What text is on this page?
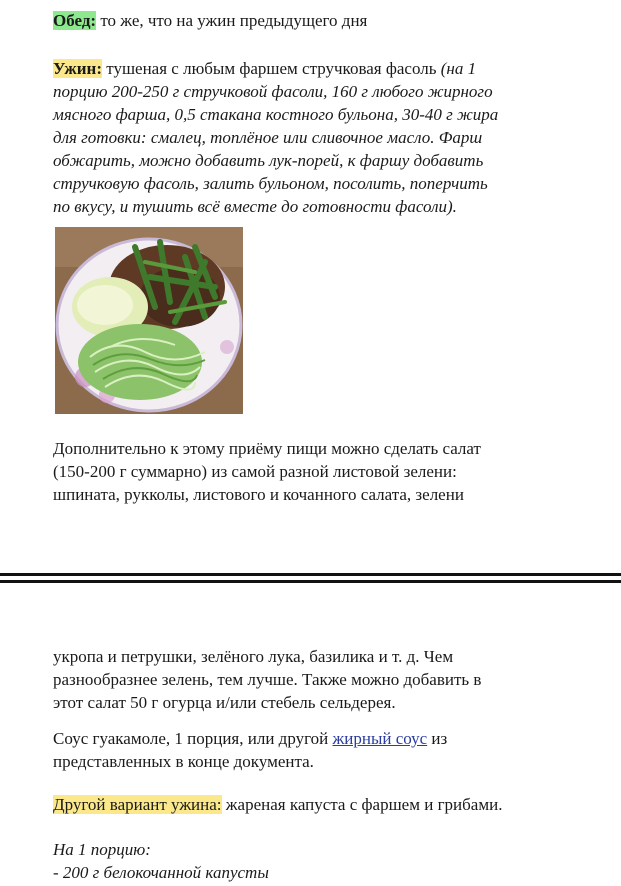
Обед: то же, что на ужин предыдущего дня

Ужин: тушеная с любым фаршем стручковая фасоль (на 1
порцию 200-250 г стручковой фасоли, 160 г любого жирного
мясного фарша, 0,5 стакана костного бульона, 30-40 г жира
для готовки: смалец, топлёное или сливочное масло. Фарш
обжарить, можно добавить лук-порей, к фаршу добавить
стручковую фасоль, залить бульоном, посолить, поперчить
по вкусу, и тушить всё вместе до готовности фасоли).

Дополнительно к этому приёму пищи можно сделать салат
(150-200 г суммарно) из самой разной листовой зелени:
шпината, рукколы, листового и кочанного салата, зелени

укропа и петрушки, зелёного лука, базилика и т. д. Чем
разнообразнее зелень, тем лучше. Также можно добавить в
этот салат 50 г огурца и/или стебель сельдерея.

Соус гуакамоле, 1 порция, или другой жирный соус из
представленных в конце документа.

Другой вариант ужина: жареная капуста с фаршем и грибами.

На 1 порцию:
- 200 г белокочанной капусты
